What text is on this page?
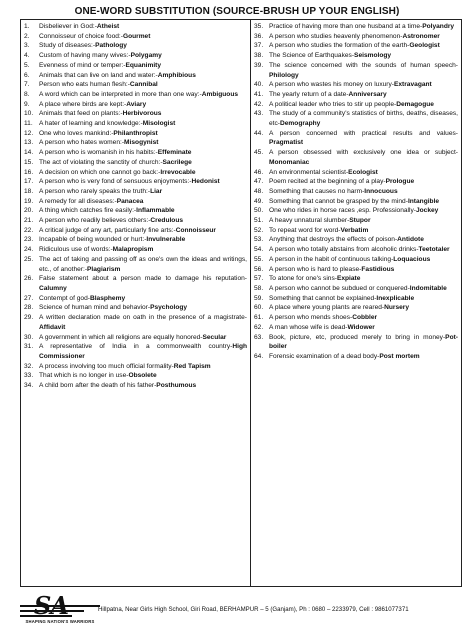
ONE-WORD SUBSTITUTION (SOURCE-BRUSH UP YOUR ENGLISH)
1.	Disbeliever in God:-Atheist
2.	Connoisseur of choice food:-Gourmet
3.	Study of diseases:-Pathology
4.	Custom of having many wives:-Polygamy
5.	Evenness of mind or temper:-Equanimity
6.	Animals that can live on land and water:-Amphibious
7.	Person who eats human flesh:-Cannibal
8.	A word which can be interpreted in more than one way:-Ambiguous
9.	A place where birds are kept:-Aviary
10. Animals that feed on plants:-Herbivorous
11. A hater of learning and knowledge:-Misologist
12. One who loves mankind:-Philanthropist
13. A person who hates women:-Misogynist
14. A person who is womanish in his habits:-Effeminate
15. The act of violating the sanctity of church:-Sacrilege
16. A decision on which one cannot go back:-Irrevocable
17. A person who is very fond of sensuous enjoyments:-Hedonist
18. A person who rarely speaks the truth:-Liar
19. A remedy for all diseases:-Panacea
20. A thing which catches fire easily:-Inflammable
21. A person who readily believes others:-Credulous
22. A critical judge of any art, particularly fine arts:-Connoisseur
23. Incapable of being wounded or hurt:-Invulnerable
24. Ridiculous use of words:-Malapropism
25. The act of taking and passing off as one's own the ideas and writings, etc., of another:-Plagiarism
26. False statement about a person made to damage his reputation-Calumny
27. Contempt of god-Blasphemy
28. Science of human mind and behavior-Psychology
29. A written declaration made on oath in the presence of a magistrate-Affidavit
30. A government in which all religions are equally honored-Secular
31. A representative of India in a commonwealth country-High Commissioner
32. A process involving too much official formality-Red Tapism
33. That which is no longer in use-Obsolete
34. A child born after the death of his father-Posthumous
35. Practice of having more than one husband at a time-Polyandry
36. A person who studies heavenly phenomenon-Astronomer
37. A person who studies the formation of the earth-Geologist
38. The Science of Earthquakes-Seismology
39. The science concerned with the sounds of human speech-Philology
40. A person who wastes his money on luxury-Extravagant
41. The yearly return of a date-Anniversary
42. A political leader who tries to stir up people-Demagogue
43. The study of a community's statistics of births, deaths, diseases, etc-Demography
44. A person concerned with practical results and values-Pragmatist
45. A person obsessed with exclusively one idea or subject-Monomaniac
46. An environmental scientist-Ecologist
47. Poem recited at the beginning of a play-Prologue
48. Something that causes no harm-Innocuous
49. Something that cannot be grasped by the mind-Intangible
50. One who rides in horse races ,esp. Professionally-Jockey
51. A heavy unnatural slumber-Stupor
52. To repeat word for word-Verbatim
53. Anything that destroys the effects of poison-Antidote
54. A person who totally abstains from alcoholic drinks-Teetotaler
55. A person in the habit of continuous talking-Loquacious
56. A person who is hard to please-Fastidious
57. To atone for one's sins-Expiate
58. A person who cannot be subdued or conquered-Indomitable
59. Something that cannot be explained-Inexplicable
60. A place where young plants are reared-Nursery
61. A person who mends shoes-Cobbler
62. A man whose wife is dead-Widower
63. Book, picture, etc, produced merely to bring in money-Pot-boiler
64. Forensic examination of a dead body-Post mortem
SHAPING NATION'S WARRIORS
Hillpatna, Near Girls High School, Giri Road, BERHAMPUR – 5 (Ganjam), Ph : 0680 – 2233979, Cell : 9861077371
